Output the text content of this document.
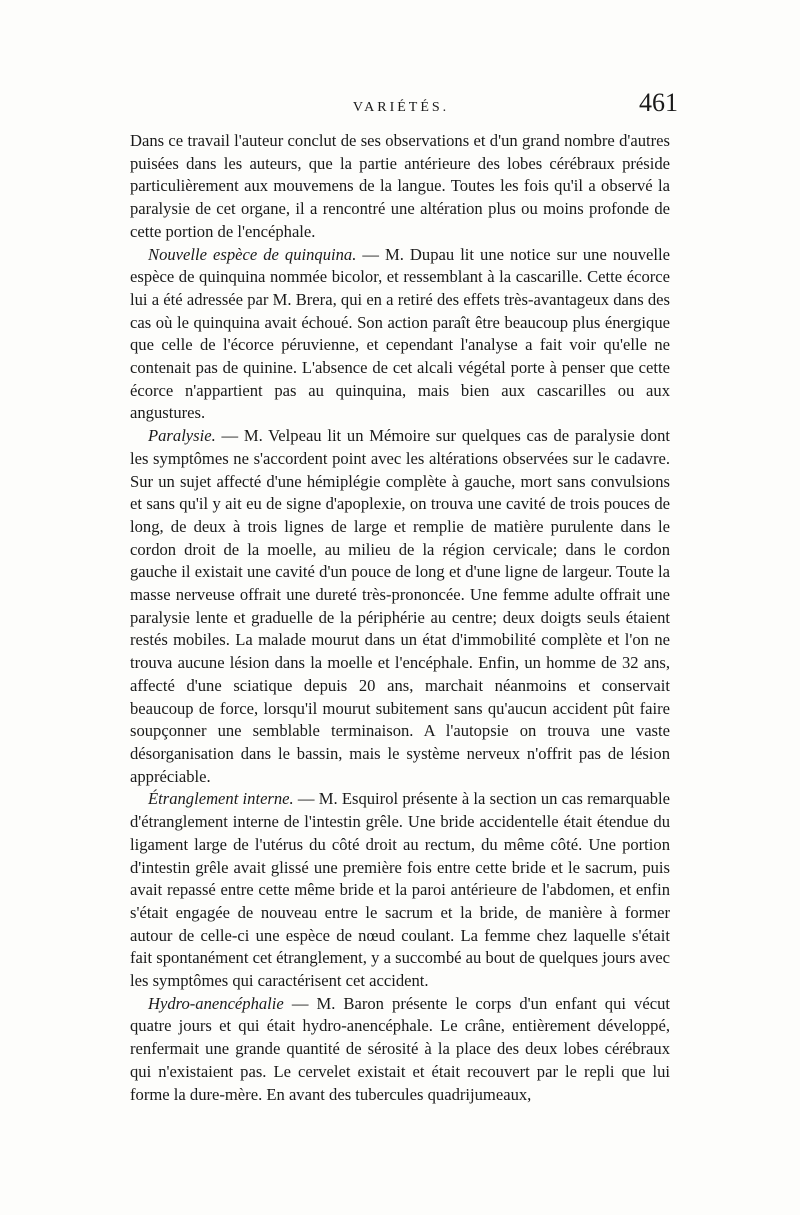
VARIÉTÉS.	461

Dans ce travail l'auteur conclut de ses observations et d'un grand nombre d'autres puisées dans les auteurs, que la partie antérieure des lobes cérébraux préside particulièrement aux mouvemens de la langue. Toutes les fois qu'il a observé la paralysie de cet organe, il a rencontré une altération plus ou moins profonde de cette portion de l'encéphale.

Nouvelle espèce de quinquina. — M. Dupau lit une notice sur une nouvelle espèce de quinquina nommée bicolor, et ressemblant à la cascarille. Cette écorce lui a été adressée par M. Brera, qui en a retiré des effets très-avantageux dans des cas où le quinquina avait échoué. Son action paraît être beaucoup plus énergique que celle de l'écorce péruvienne, et cependant l'analyse a fait voir qu'elle ne contenait pas de quinine. L'absence de cet alcali végétal porte à penser que cette écorce n'appartient pas au quinquina, mais bien aux cascarilles ou aux angustures.

Paralysie. — M. Velpeau lit un Mémoire sur quelques cas de paralysie dont les symptômes ne s'accordent point avec les altérations observées sur le cadavre. Sur un sujet affecté d'une hémiplégie complète à gauche, mort sans convulsions et sans qu'il y ait eu de signe d'apoplexie, on trouva une cavité de trois pouces de long, de deux à trois lignes de large et remplie de matière purulente dans le cordon droit de la moelle, au milieu de la région cervicale; dans le cordon gauche il existait une cavité d'un pouce de long et d'une ligne de largeur. Toute la masse nerveuse offrait une dureté très-prononcée. Une femme adulte offrait une paralysie lente et graduelle de la périphérie au centre; deux doigts seuls étaient restés mobiles. La malade mourut dans un état d'immobilité complète et l'on ne trouva aucune lésion dans la moelle et l'encéphale. Enfin, un homme de 32 ans, affecté d'une sciatique depuis 20 ans, marchait néanmoins et conservait beaucoup de force, lorsqu'il mourut subitement sans qu'aucun accident pût faire soupçonner une semblable terminaison. A l'autopsie on trouva une vaste désorganisation dans le bassin, mais le système nerveux n'offrit pas de lésion appréciable.

Étranglement interne. — M. Esquirol présente à la section un cas remarquable d'étranglement interne de l'intestin grêle. Une bride accidentelle était étendue du ligament large de l'utérus du côté droit au rectum, du même côté. Une portion d'intestin grêle avait glissé une première fois entre cette bride et le sacrum, puis avait repassé entre cette même bride et la paroi antérieure de l'abdomen, et enfin s'était engagée de nouveau entre le sacrum et la bride, de manière à former autour de celle-ci une espèce de nœud coulant. La femme chez laquelle s'était fait spontanément cet étranglement, y a succombé au bout de quelques jours avec les symptômes qui caractérisent cet accident.

Hydro-anencéphalie — M. Baron présente le corps d'un enfant qui vécut quatre jours et qui était hydro-anencéphale. Le crâne, entièrement développé, renfermait une grande quantité de sérosité à la place des deux lobes cérébraux qui n'existaient pas. Le cervelet existait et était recouvert par le repli que lui forme la dure-mère. En avant des tubercules quadrijumeaux,
